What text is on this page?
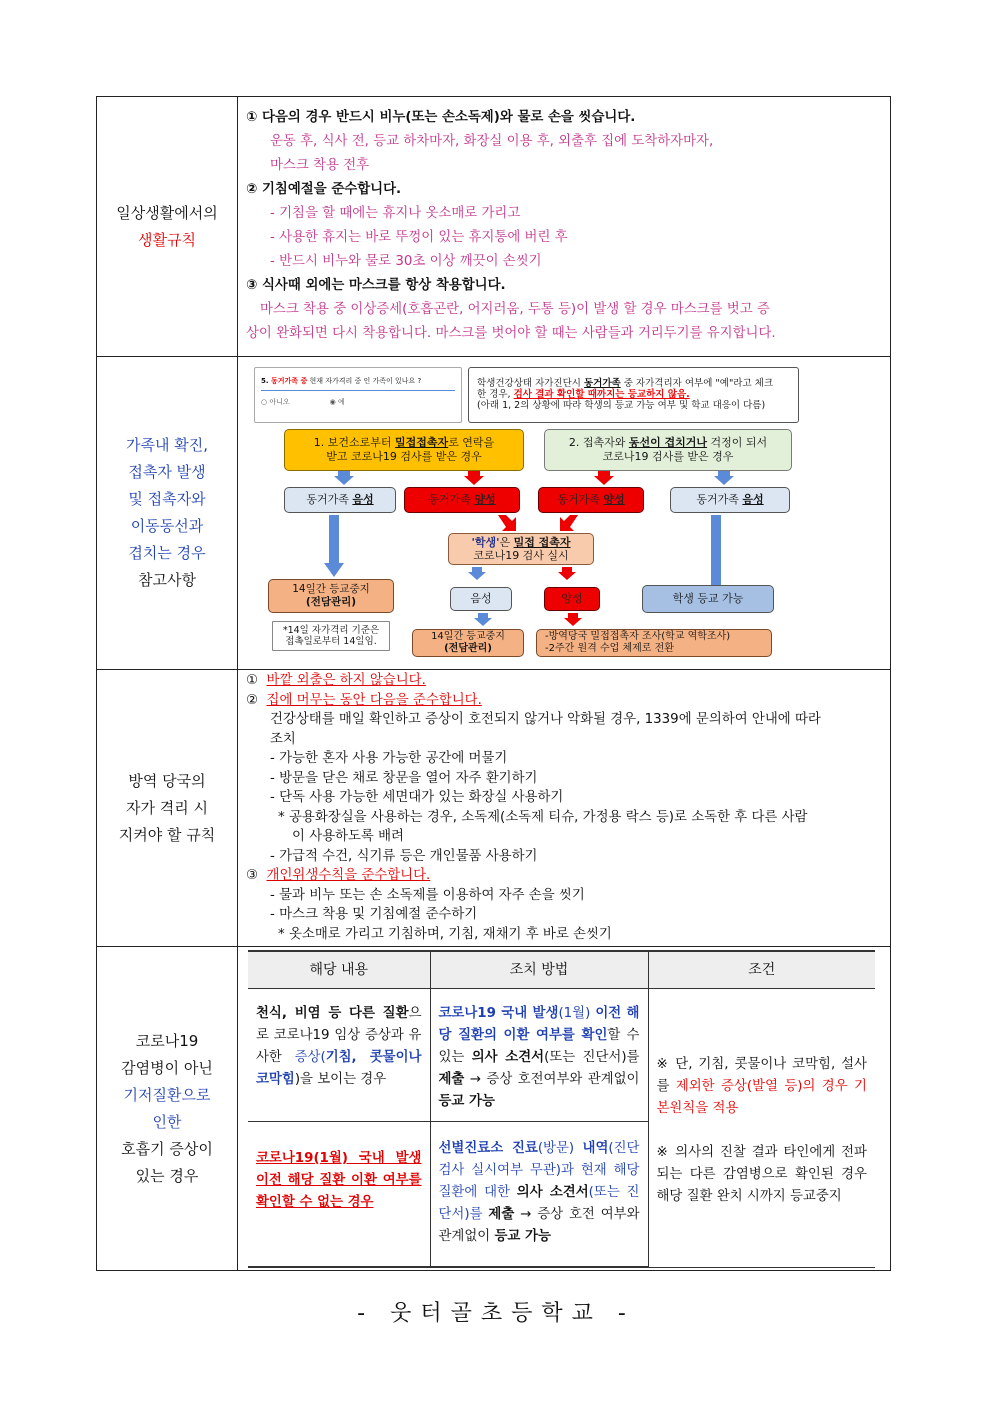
일상생활에서의
생활규칙

① 다음의 경우 반드시 비누(또는 손소독제)와 물로 손을 씻습니다.
운동 후, 식사 전, 등교 하차마자, 화장실 이용 후, 외출후 집에 도착하자마자,
마스크 착용 전후
② 기침예절을 준수합니다.
- 기침을 할 때에는 휴지나 옷소매로 가리고
- 사용한 휴지는 바로 뚜껑이 있는 휴지통에 버린 후
- 반드시 비누와 물로 30초 이상 깨끗이 손씻기
③ 식사때 외에는 마스크를 항상 착용합니다.
마스크 착용 중 이상증세(호흡곤란, 어지러움, 두통 등)이 발생 할 경우 마스크를 벗고 증
상이 완화되면 다시 착용합니다. 마스크를 벗어야 할 때는 사람들과 거리두기를 유지합니다.

가족내 확진,
접촉자 발생
및 접촉자와
이동동선과
겹치는 경우
참고사항

5. 동거가족 중 현재 자가격리 중 인 가족이 있나요 ?
○ 아니오	◉ 예
학생건강상태 자가진단시 동거가족 중 자가격리자 여부에 "예"라고 체크
한 경우, 검사 결과 확인할 때까지는 등교하지 않음.
(아래 1, 2의 상황에 따라 학생의 등교 가능 여부 및 학교 대응이 다름)
1. 보건소로부터 밀접접촉자로 연락을
받고 코로나19 검사를 받은 경우
2. 접촉자와 동선이 겹치거나 걱정이 되서
코로나19 검사를 받은 경우
동거가족 음성	동거가족 양성	동거가족 양성	동거가족 음성
'학생'은 밀접 접촉자
코로나19 검사 실시
14일간 등교중지
(전담관리)	음성	양성	학생 등교 가능
*14일 자가격리 기준은
접촉일로부터 14일임.	14일간 등교중지
(전담관리)
-방역당국 밀접접촉자 조사(학교 역학조사)
-2주간 원격 수업 체제로 전환

방역 당국의
자가 격리 시
지켜야 할 규칙

① 바깥 외출은 하지 않습니다.
② 집에 머무는 동안 다음을 준수합니다.
건강상태를 매일 확인하고 증상이 호전되지 않거나 악화될 경우, 1339에 문의하여 안내에 따라
조치
- 가능한 혼자 사용 가능한 공간에 머물기
- 방문을 닫은 채로 창문을 열어 자주 환기하기
- 단독 사용 가능한 세면대가 있는 화장실 사용하기
* 공용화장실을 사용하는 경우, 소독제(소독제 티슈, 가정용 락스 등)로 소독한 후 다른 사람
이 사용하도록 배려
- 가급적 수건, 식기류 등은 개인물품 사용하기
③ 개인위생수칙을 준수합니다.
- 물과 비누 또는 손 소독제를 이용하여 자주 손을 씻기
- 마스크 착용 및 기침예절 준수하기
* 옷소매로 가리고 기침하며, 기침, 재채기 후 바로 손씻기

코로나19
감염병이 아닌
기저질환으로
인한
호흡기 증상이
있는 경우

해당 내용	조치 방법	조건
천식, 비염 등 다른 질환으로 코로나19 임상 증상과 유사한 증상(기침, 콧물이나 코막힘)을 보이는 경우	코로나19 국내 발생(1월) 이전 해당 질환의 이환 여부를 확인할 수 있는 의사 소견서(또는 진단서)를 제출 → 증상 호전여부와 관계없이 등교 가능	
※ 단, 기침, 콧물이나 코막힘, 설사를 제외한 증상(발열 등)의 경우 기본원칙을 적용
※ 의사의 진찰 결과 타인에게 전파되는 다른 감염병으로 확인된 경우 해당 질환 완치 시까지 등교중지

코로나19(1월) 국내 발생 이전 해당 질환 이환 여부를 확인할 수 없는 경우	선별진료소 진료(방문) 내역(진단검사 실시여부 무관)과 현재 해당 질환에 대한 의사 소견서(또는 진단서)를 제출 → 증상 호전 여부와 관계없이 등교 가능
- 웃터골초등학교 -
